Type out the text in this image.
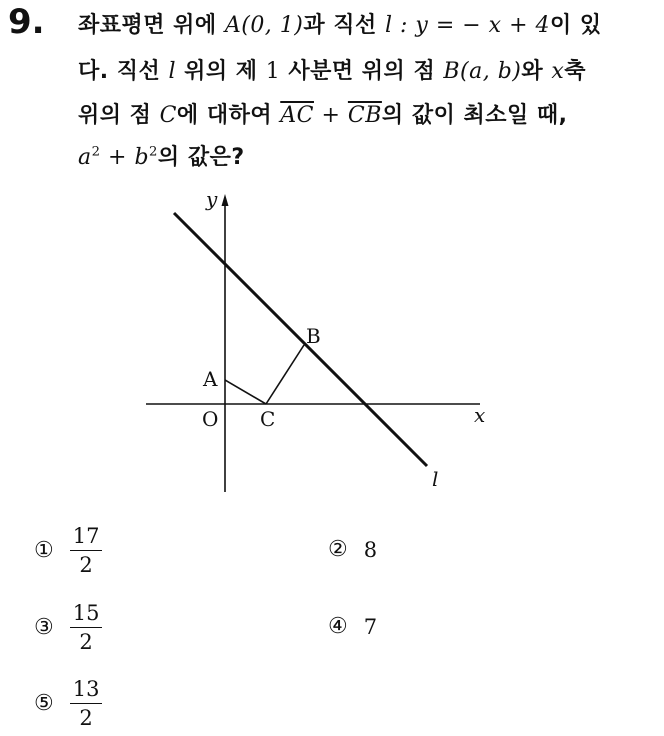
9. 좌표평면 위에 A(0, 1)과 직선 l : y = − x + 4이 있
다. 직선 l 위의 제 1 사분면 위의 점 B(a, b)와 x축
위의 점 C에 대하여 $\overline{AC} + \overline{CB}$의 값이 최소일 때,
$a^2 + b^2$의 값은?
y
x
O
A
B
C
l
① $\frac{17}{2}$	② 8
③ $\frac{15}{2}$	④ 7
⑤ $\frac{13}{2}$
